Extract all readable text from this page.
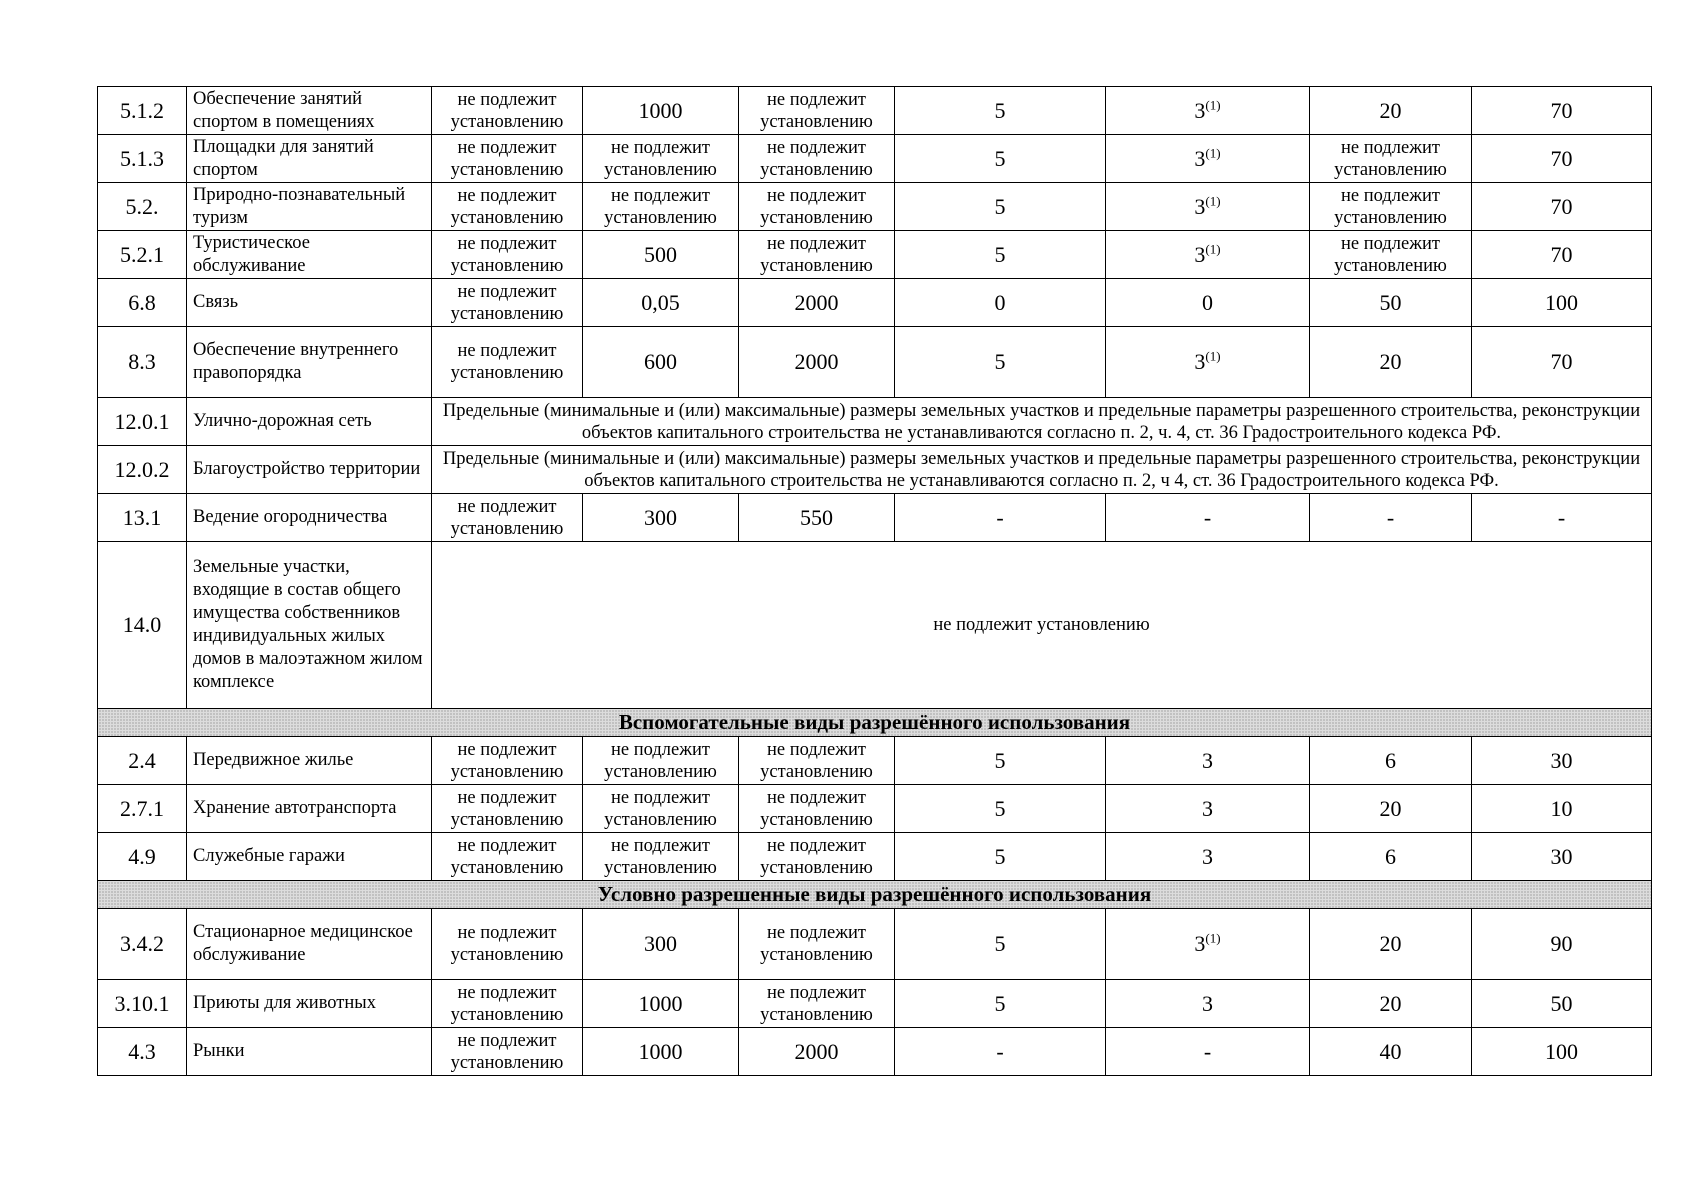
5.1.2	Обеспечение занятий спортом в помещениях	не подлежит установлению	1000	не подлежит установлению	5	3$^{(1)}$	20	70
5.1.3	Площадки для занятий спортом	не подлежит установлению	не подлежит установлению	не подлежит установлению	5	3$^{(1)}$	не подлежит установлению	70
5.2.	Природно-познавательный туризм	не подлежит установлению	не подлежит установлению	не подлежит установлению	5	3$^{(1)}$	не подлежит установлению	70
5.2.1	Туристическое обслуживание	не подлежит установлению	500	не подлежит установлению	5	3$^{(1)}$	не подлежит установлению	70
6.8	Связь	не подлежит установлению	0,05	2000	0	0	50	100
8.3	Обеспечение внутреннего правопорядка	не подлежит установлению	600	2000	5	3$^{(1)}$	20	70
12.0.1	Улично-дорожная сеть	Предельные (минимальные и (или) максимальные) размеры земельных участков и предельные параметры разрешенного строительства, реконструкции объектов капитального строительства не устанавливаются согласно п. 2, ч. 4, ст. 36 Градостроительного кодекса РФ.						
12.0.2	Благоустройство территории	Предельные (минимальные и (или) максимальные) размеры земельных участков и предельные параметры разрешенного строительства, реконструкции объектов капитального строительства не устанавливаются согласно п. 2, ч 4, ст. 36 Градостроительного кодекса РФ.						
13.1	Ведение огородничества	не подлежит установлению	300	550	-	-	-	-
14.0	Земельные участки, входящие в состав общего имущества собственников индивидуальных жилых домов в малоэтажном жилом комплексе	не подлежит установлению						
Вспомогательные виды разрешённого использования								
2.4	Передвижное жилье	не подлежит установлению	не подлежит установлению	не подлежит установлению	5	3	6	30
2.7.1	Хранение автотранспорта	не подлежит установлению	не подлежит установлению	не подлежит установлению	5	3	20	10
4.9	Служебные гаражи	не подлежит установлению	не подлежит установлению	не подлежит установлению	5	3	6	30
Условно разрешенные виды разрешённого использования								
3.4.2	Стационарное медицинское обслуживание	не подлежит установлению	300	не подлежит установлению	5	3$^{(1)}$	20	90
3.10.1	Приюты для животных	не подлежит установлению	1000	не подлежит установлению	5	3	20	50
4.3	Рынки	не подлежит установлению	1000	2000	-	-	40	100
